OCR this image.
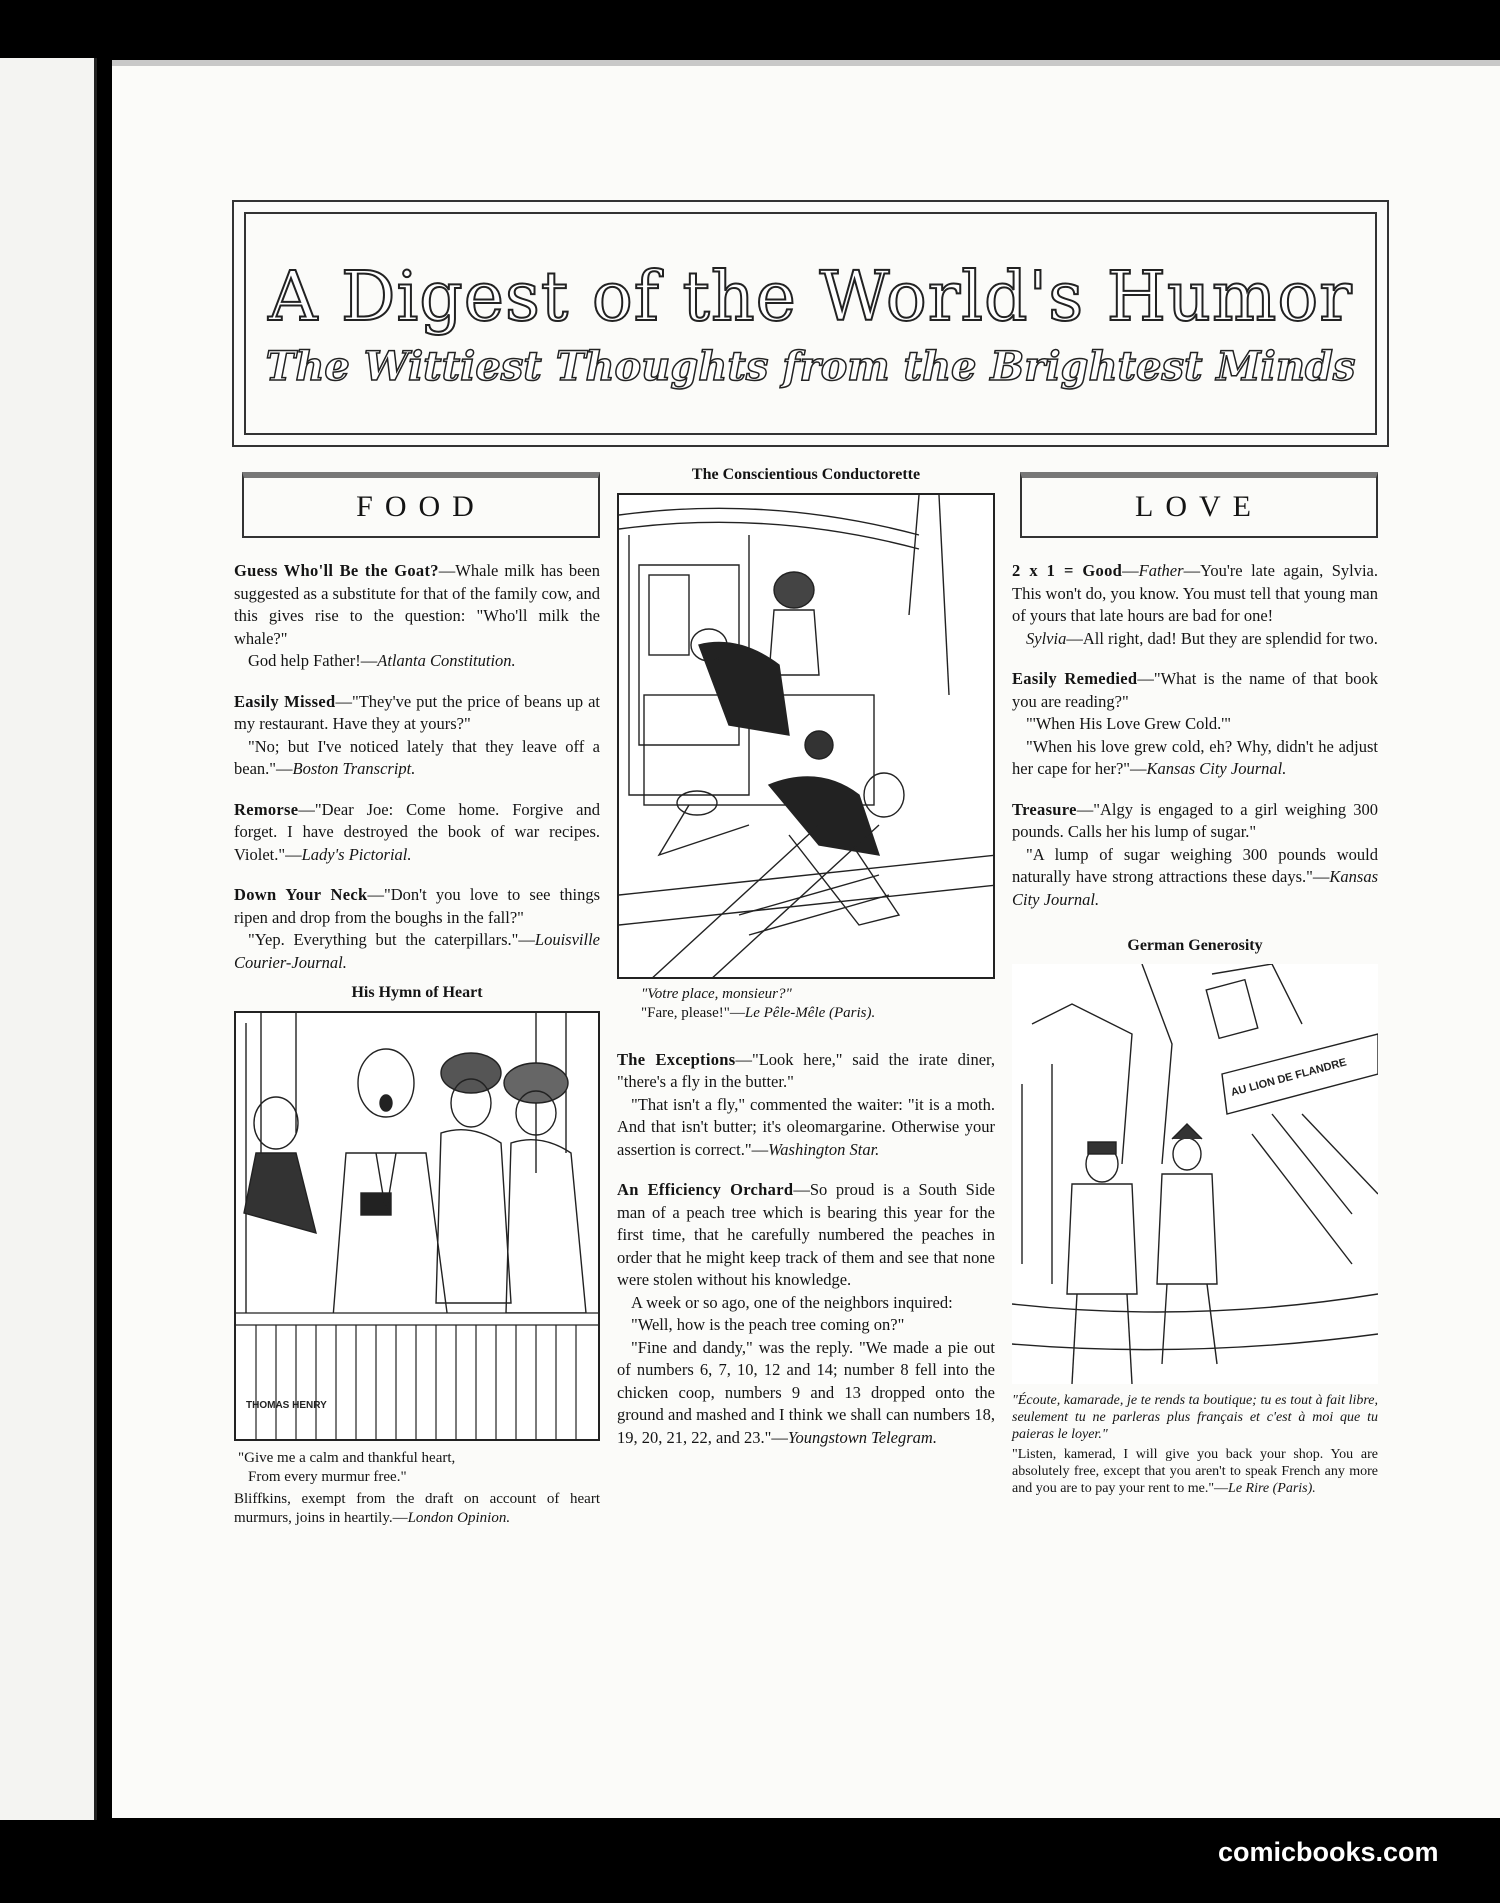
A Digest of the World's Humor
The Wittiest Thoughts from the Brightest Minds
FOOD	LOVE

Guess Who'll Be the Goat?—Whale milk has been suggested as a substitute for that of the family cow, and this gives rise to the question: "Who'll milk the whale?"

God help Father!—Atlanta Constitution.

Easily Missed—"They've put the price of beans up at my restaurant. Have they at yours?"

"No; but I've noticed lately that they leave off a bean."—Boston Transcript.

Remorse—"Dear Joe: Come home. Forgive and forget. I have destroyed the book of war recipes. Violet."—Lady's Pictorial.

Down Your Neck—"Don't you love to see things ripen and drop from the boughs in the fall?"

"Yep. Everything but the caterpillars."—Louisville Courier-Journal.

His Hymn of Heart
THOMAS HENRY

"Give me a calm and thankful heart,

From every murmur free."

Bliffkins, exempt from the draft on account of heart murmurs, joins in heartily.—London Opinion.

The Conscientious Conductorette

"Votre place, monsieur?"

"Fare, please!"—Le Pêle-Mêle (Paris).

The Exceptions—"Look here," said the irate diner, "there's a fly in the butter."

"That isn't a fly," commented the waiter: "it is a moth. And that isn't butter; it's oleomargarine. Otherwise your assertion is correct."—Washington Star.

An Efficiency Orchard—So proud is a South Side man of a peach tree which is bearing this year for the first time, that he carefully numbered the peaches in order that he might keep track of them and see that none were stolen without his knowledge.

A week or so ago, one of the neighbors inquired:

"Well, how is the peach tree coming on?"

"Fine and dandy," was the reply. "We made a pie out of numbers 6, 7, 10, 12 and 14; number 8 fell into the chicken coop, numbers 9 and 13 dropped onto the ground and mashed and I think we shall can numbers 18, 19, 20, 21, 22, and 23."—Youngstown Telegram.

2 x 1 = Good—Father—You're late again, Sylvia. This won't do, you know. You must tell that young man of yours that late hours are bad for one!

Sylvia—All right, dad! But they are splendid for two.

Easily Remedied—"What is the name of that book you are reading?"

"'When His Love Grew Cold.'"

"When his love grew cold, eh? Why, didn't he adjust her cape for her?"—Kansas City Journal.

Treasure—"Algy is engaged to a girl weighing 300 pounds. Calls her his lump of sugar."

"A lump of sugar weighing 300 pounds would naturally have strong attractions these days."—Kansas City Journal.

German Generosity
AU LION DE FLANDRE

"Écoute, kamarade, je te rends ta boutique; tu es tout à fait libre, seulement tu ne parleras plus français et c'est à moi que tu paieras le loyer."

"Listen, kamerad, I will give you back your shop. You are absolutely free, except that you aren't to speak French any more and you are to pay your rent to me."—Le Rire (Paris).

comicbooks.com
